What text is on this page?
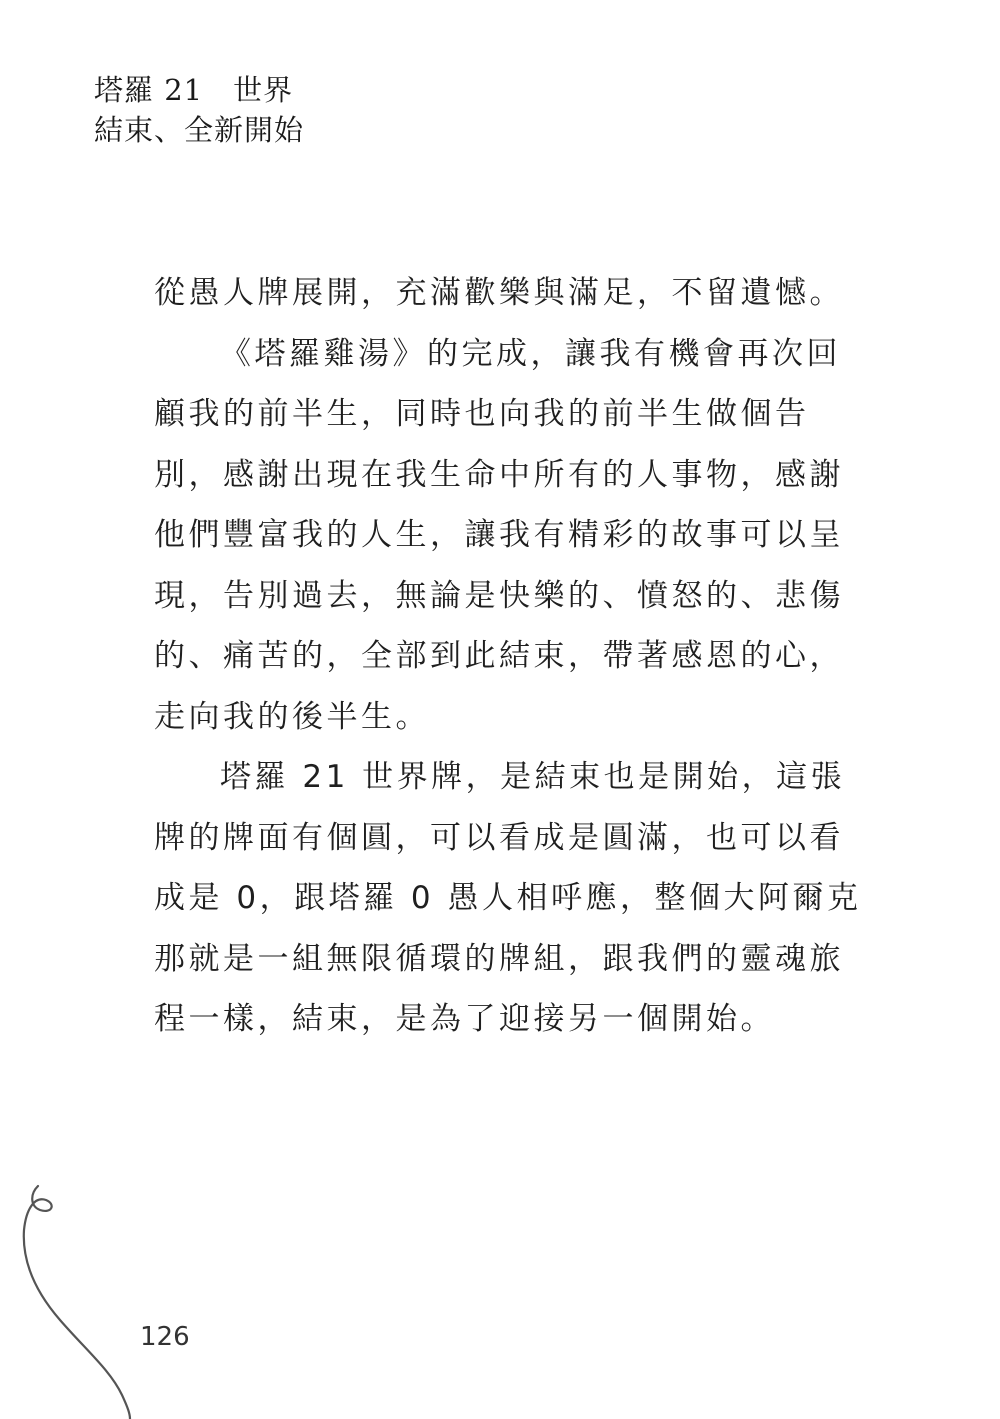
塔羅 21　世界
結束、全新開始
從愚人牌展開，充滿歡樂與滿足，不留遺憾。
《塔羅雞湯》的完成，讓我有機會再次回
顧我的前半生，同時也向我的前半生做個告
別，感謝出現在我生命中所有的人事物，感謝
他們豐富我的人生，讓我有精彩的故事可以呈
現，告別過去，無論是快樂的、憤怒的、悲傷
的、痛苦的，全部到此結束，帶著感恩的心，
走向我的後半生。
塔羅 21 世界牌，是結束也是開始，這張
牌的牌面有個圓，可以看成是圓滿，也可以看
成是 0，跟塔羅 0 愚人相呼應，整個大阿爾克
那就是一組無限循環的牌組，跟我們的靈魂旅
程一樣，結束，是為了迎接另一個開始。
126
